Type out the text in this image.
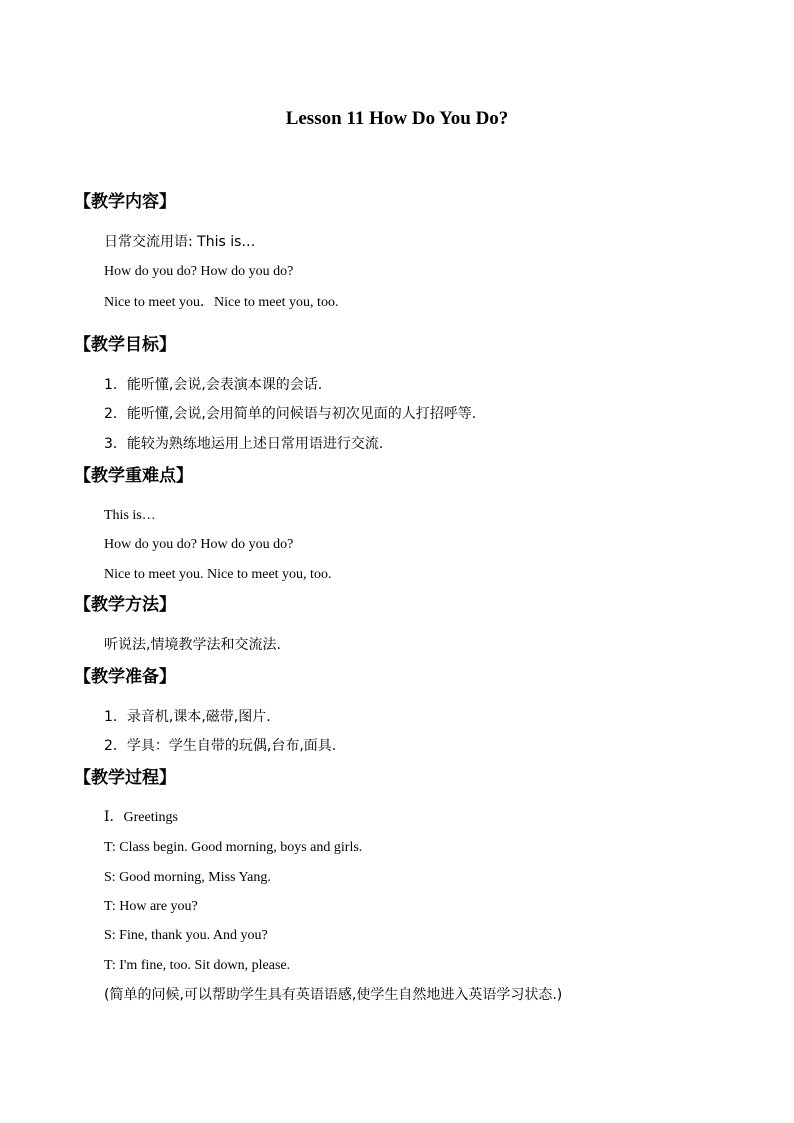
Lesson 11 How Do You Do?
【教学内容】
日常交流用语: This is…
How do you do? How do you do?
Nice to meet you．Nice to meet you, too.
【教学目标】
1．能听懂,会说,会表演本课的会话.
2．能听懂,会说,会用简单的问候语与初次见面的人打招呼等.
3．能较为熟练地运用上述日常用语进行交流.
【教学重难点】
This is…
How do you do? How do you do?
Nice to meet you. Nice to meet you, too.
【教学方法】
听说法,情境教学法和交流法.
【教学准备】
1．录音机,课本,磁带,图片.
2．学具：学生自带的玩偶,台布,面具.
【教学过程】
Ⅰ．Greetings
T: Class begin. Good morning, boys and girls.
S: Good morning, Miss Yang.
T: How are you?
S: Fine, thank you. And you?
T: I'm fine, too. Sit down, please.
(简单的问候,可以帮助学生具有英语语感,使学生自然地进入英语学习状态.)
